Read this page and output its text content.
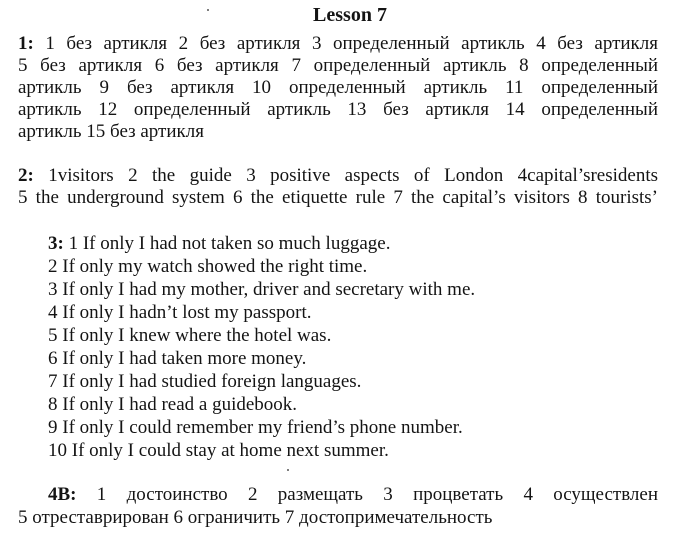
Lesson 7
1: 1 без артикля 2 без артикля 3 определенный артикль 4 без артикля
5 без артикля 6 без артикля 7 определенный артикль 8 определенный
артикль 9 без артикля 10 определенный артикль 11 определенный
артикль 12 определенный артикль 13 без артикля 14 определенный
артикль 15 без артикля
2: 1visitors 2 the guide 3 positive aspects of London 4capital’sresidents
5 the underground system 6 the etiquette rule 7 the capital’s visitors 8 tourists’
3: 1 If only I had not taken so much luggage.
2 If only my watch showed the right time.
3 If only I had my mother, driver and secretary with me.
4 If only I hadn’t lost my passport.
5 If only I knew where the hotel was.
6 If only I had taken more money.
7 If only I had studied foreign languages.
8 If only I had read a guidebook.
9 If only I could remember my friend’s phone number.
10 If only I could stay at home next summer.
4B: 1 достоинство 2 размещать 3 процветать 4 осуществлен
5 отреставрирован 6 ограничить 7 достопримечательность
